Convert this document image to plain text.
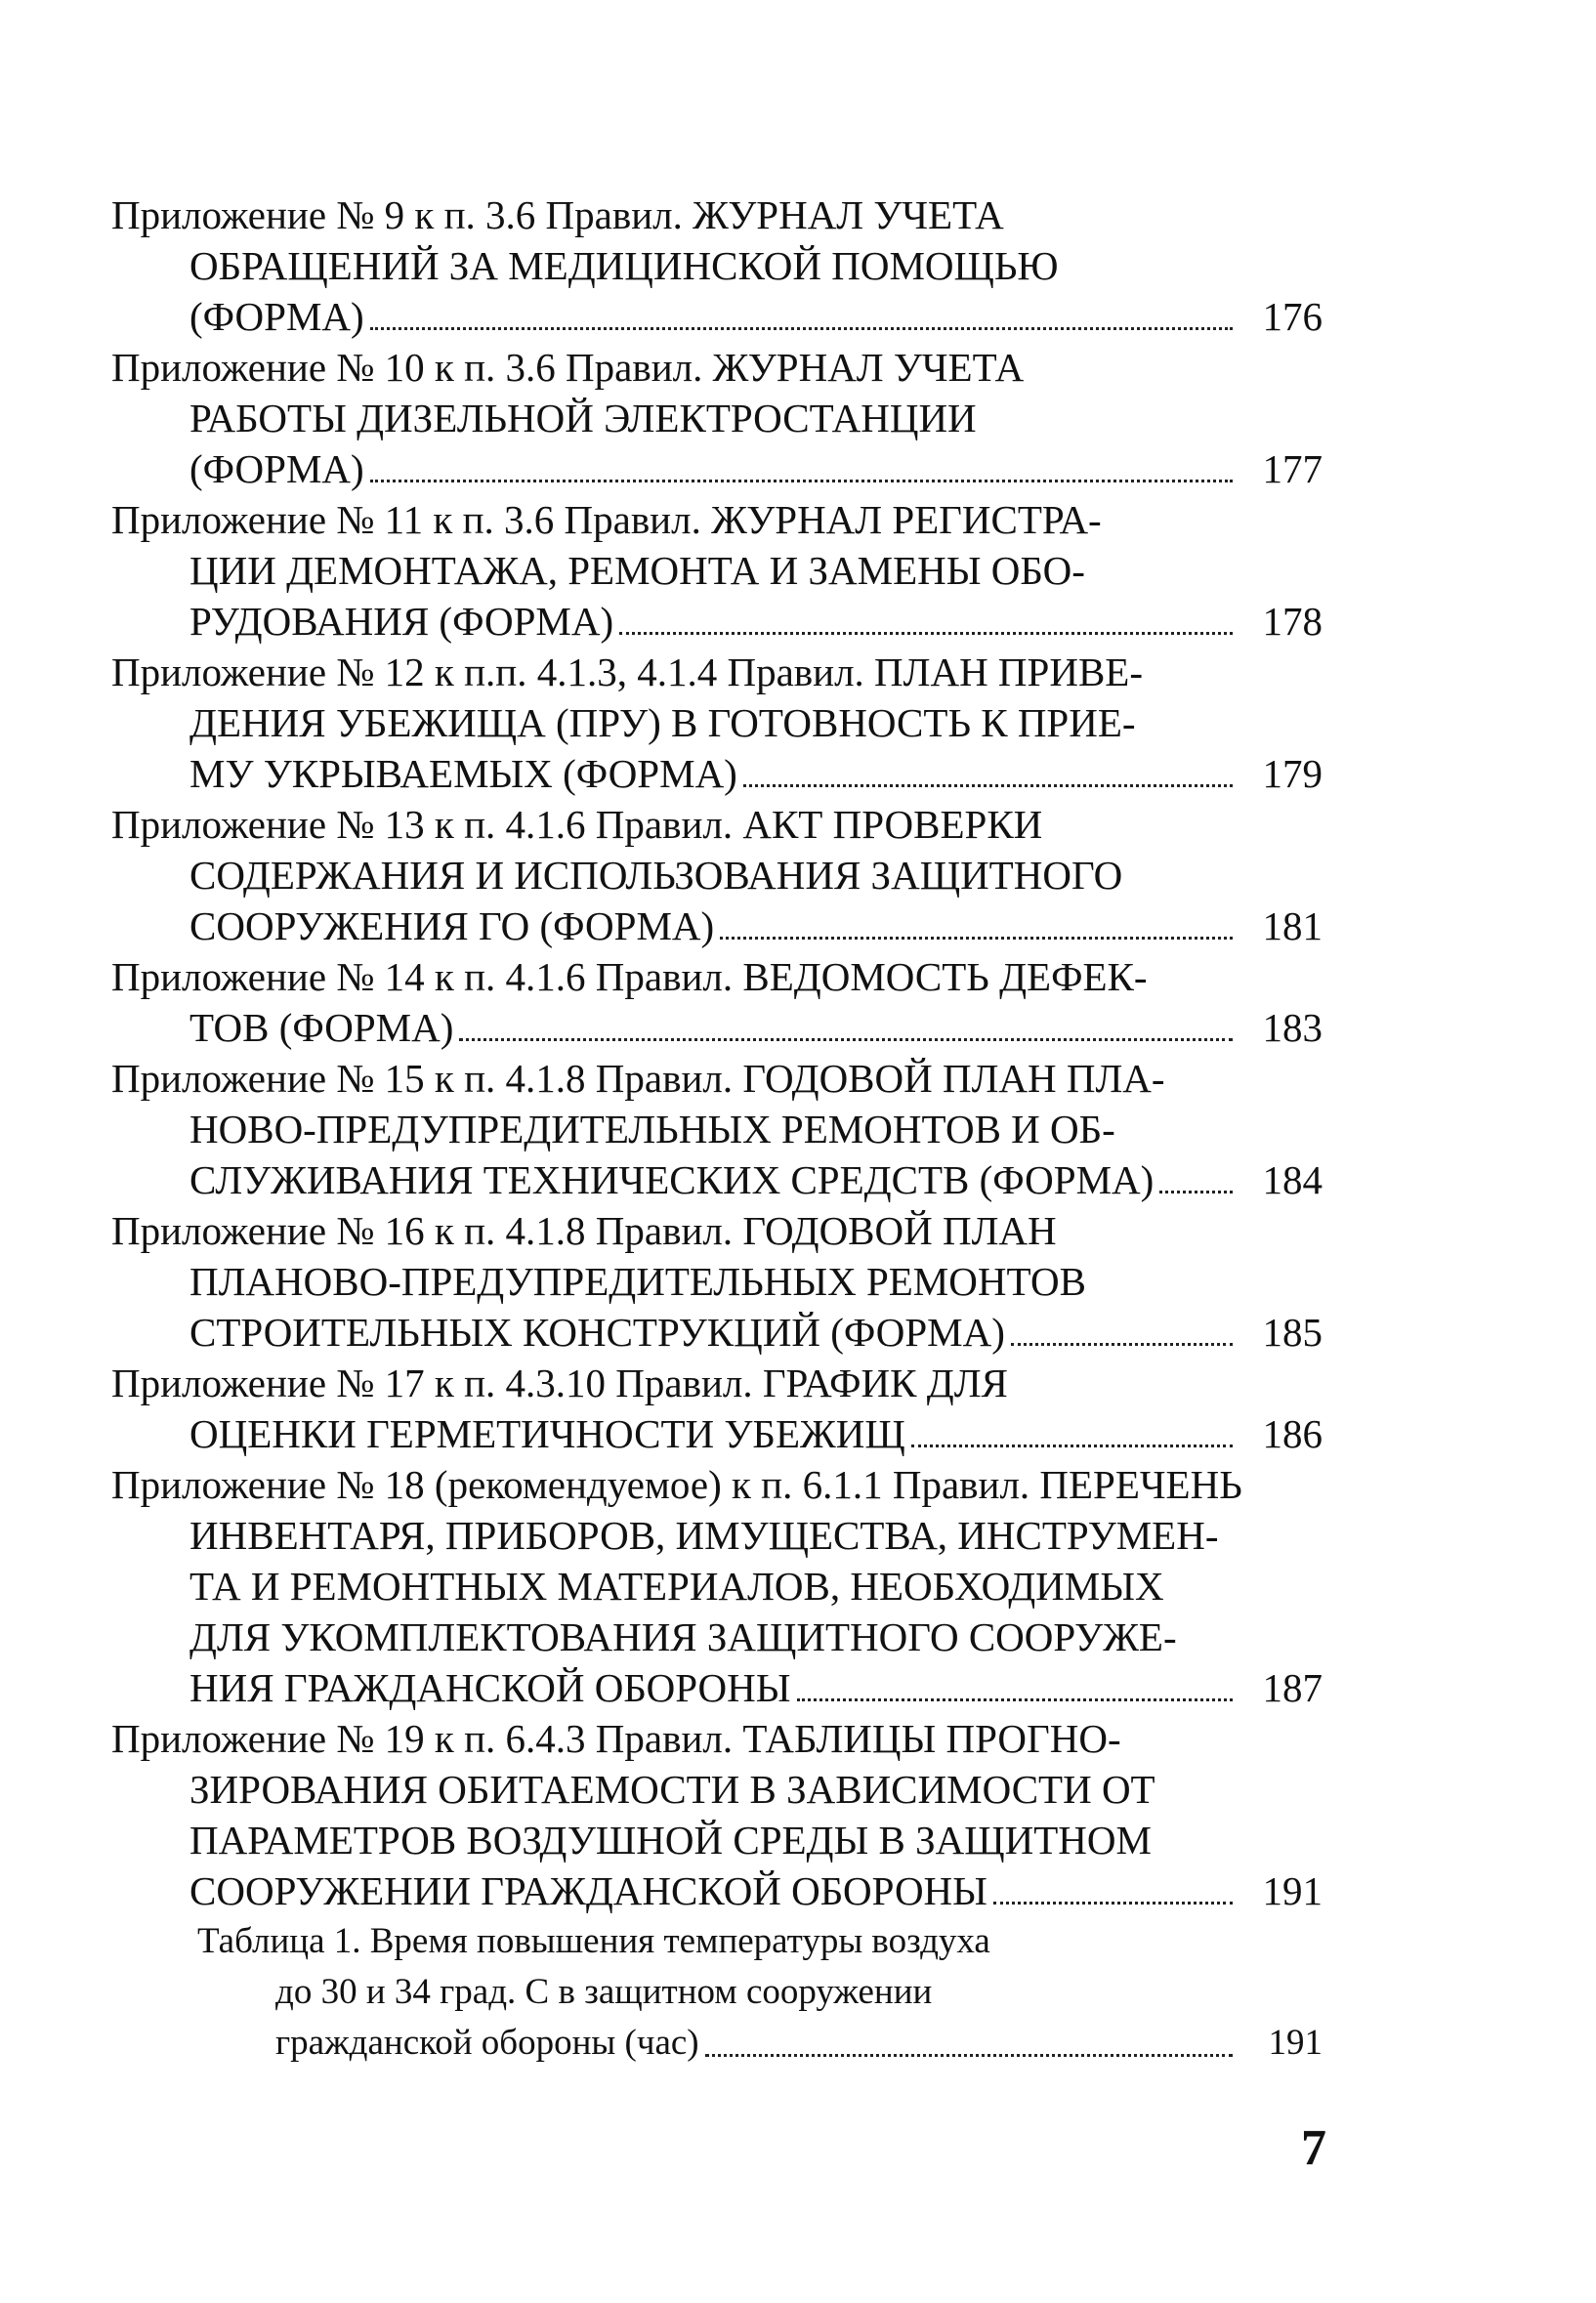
Приложение № 9 к п. 3.6 Правил. ЖУРНАЛ УЧЕТА
ОБРАЩЕНИЙ ЗА МЕДИЦИНСКОЙ ПОМОЩЬЮ
(ФОРМА)	176
Приложение № 10 к п. 3.6 Правил. ЖУРНАЛ УЧЕТА
РАБОТЫ ДИЗЕЛЬНОЙ ЭЛЕКТРОСТАНЦИИ
(ФОРМА)	177
Приложение № 11 к п. 3.6 Правил. ЖУРНАЛ РЕГИСТРА-
ЦИИ ДЕМОНТАЖА, РЕМОНТА И ЗАМЕНЫ ОБО-
РУДОВАНИЯ (ФОРМА)	178
Приложение № 12 к п.п. 4.1.3, 4.1.4 Правил. ПЛАН ПРИВЕ-
ДЕНИЯ УБЕЖИЩА (ПРУ) В ГОТОВНОСТЬ К ПРИЕ-
МУ УКРЫВАЕМЫХ (ФОРМА)	179
Приложение № 13 к п. 4.1.6 Правил. АКТ ПРОВЕРКИ
СОДЕРЖАНИЯ И ИСПОЛЬЗОВАНИЯ ЗАЩИТНОГО
СООРУЖЕНИЯ ГО (ФОРМА)	181
Приложение № 14 к п. 4.1.6 Правил. ВЕДОМОСТЬ ДЕФЕК-
ТОВ (ФОРМА)	183
Приложение № 15 к п. 4.1.8 Правил. ГОДОВОЙ ПЛАН ПЛА-
НОВО-ПРЕДУПРЕДИТЕЛЬНЫХ РЕМОНТОВ И ОБ-
СЛУЖИВАНИЯ ТЕХНИЧЕСКИХ СРЕДСТВ (ФОРМА)	184
Приложение № 16 к п. 4.1.8 Правил. ГОДОВОЙ ПЛАН
ПЛАНОВО-ПРЕДУПРЕДИТЕЛЬНЫХ РЕМОНТОВ
СТРОИТЕЛЬНЫХ КОНСТРУКЦИЙ (ФОРМА)	185
Приложение № 17 к п. 4.3.10 Правил. ГРАФИК ДЛЯ
ОЦЕНКИ ГЕРМЕТИЧНОСТИ УБЕЖИЩ	186
Приложение № 18 (рекомендуемое) к п. 6.1.1 Правил. ПЕРЕЧЕНЬ
ИНВЕНТАРЯ, ПРИБОРОВ, ИМУЩЕСТВА, ИНСТРУМЕН-
ТА И РЕМОНТНЫХ МАТЕРИАЛОВ, НЕОБХОДИМЫХ
ДЛЯ УКОМПЛЕКТОВАНИЯ ЗАЩИТНОГО СООРУЖЕ-
НИЯ ГРАЖДАНСКОЙ ОБОРОНЫ	187
Приложение № 19 к п. 6.4.3 Правил. ТАБЛИЦЫ ПРОГНО-
ЗИРОВАНИЯ ОБИТАЕМОСТИ В ЗАВИСИМОСТИ ОТ
ПАРАМЕТРОВ ВОЗДУШНОЙ СРЕДЫ В ЗАЩИТНОМ
СООРУЖЕНИИ ГРАЖДАНСКОЙ ОБОРОНЫ	191
Таблица 1. Время повышения температуры воздуха
до 30 и 34 град. С в защитном сооружении
гражданской обороны (час)	191
7
